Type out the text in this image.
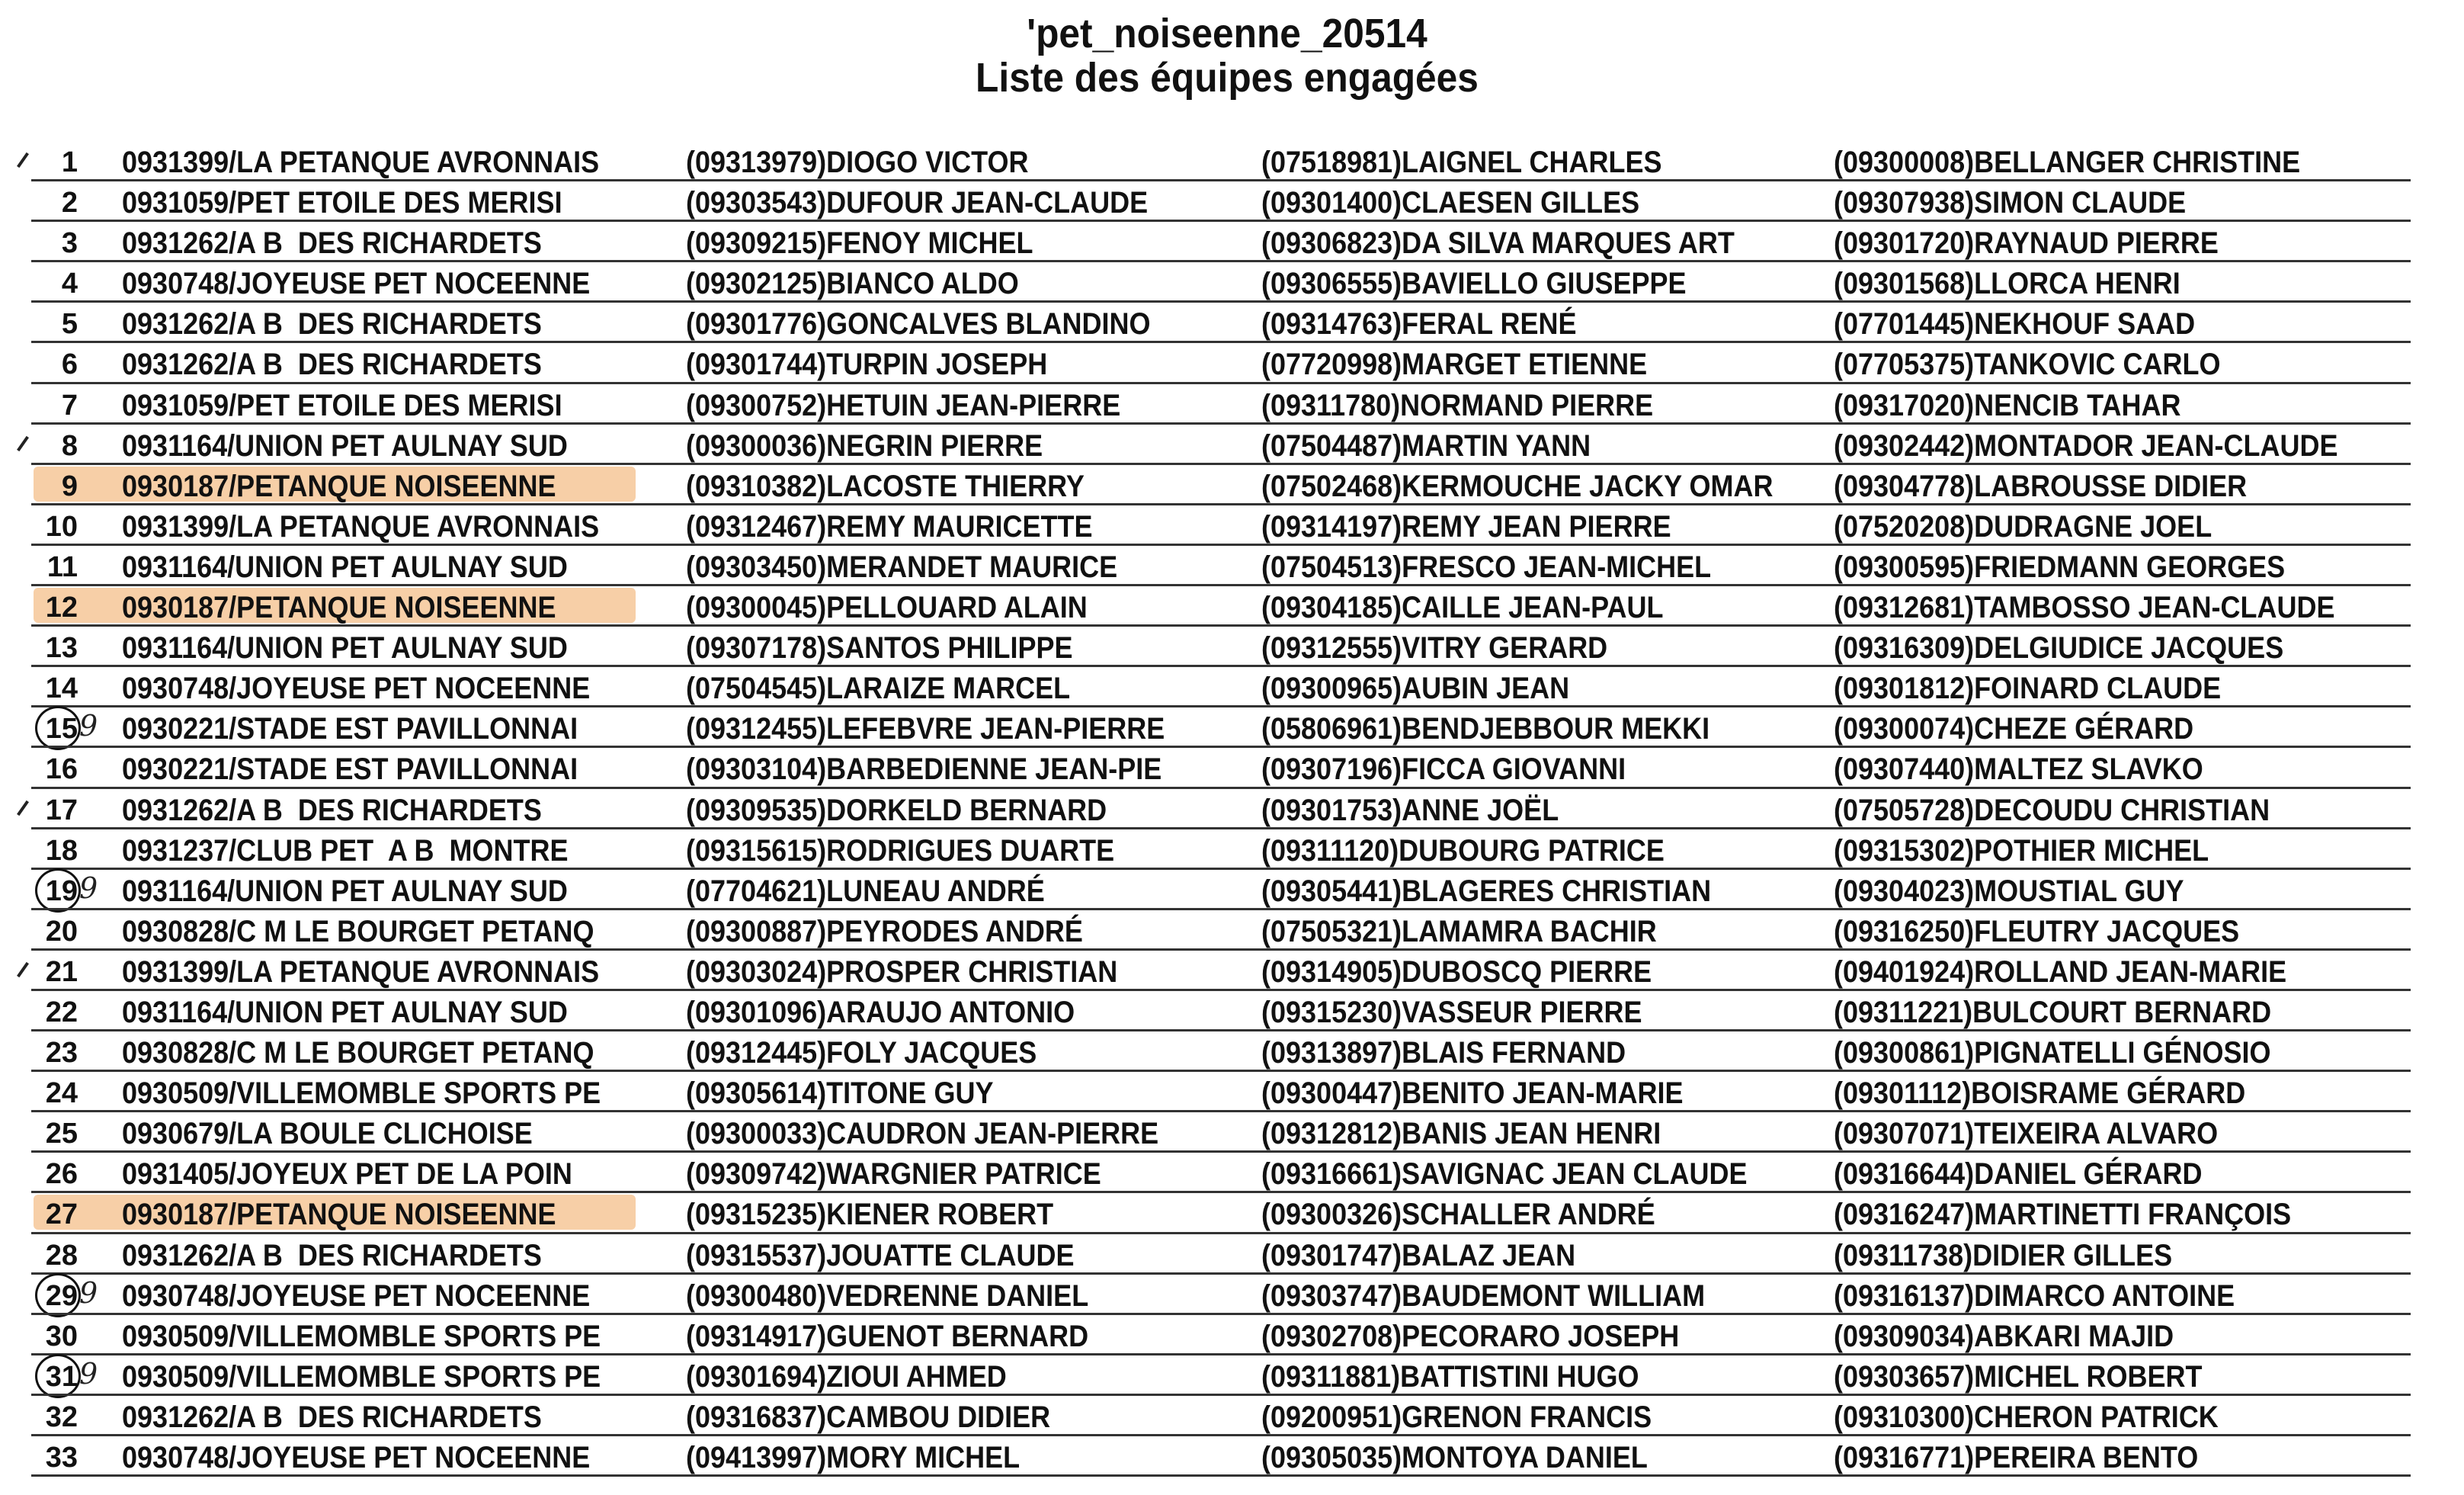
'pet_noiseenne_20514
Liste des équipes engagées
1 0931399/LA PETANQUE AVRONNAIS	(09313979)DIOGO VICTOR	(07518981)LAIGNEL CHARLES	(09300008)BELLANGER CHRISTINE
2 0931059/PET ETOILE DES MERISI	(09303543)DUFOUR JEAN-CLAUDE	(09301400)CLAESEN GILLES	(09307938)SIMON CLAUDE
3 0931262/A B  DES RICHARDETS	(09309215)FENOY MICHEL	(09306823)DA SILVA MARQUES ART	(09301720)RAYNAUD PIERRE
4 0930748/JOYEUSE PET NOCEENNE	(09302125)BIANCO ALDO	(09306555)BAVIELLO GIUSEPPE	(09301568)LLORCA HENRI
5 0931262/A B  DES RICHARDETS	(09301776)GONCALVES BLANDINO	(09314763)FERAL RENÉ	(07701445)NEKHOUF SAAD
6 0931262/A B  DES RICHARDETS	(09301744)TURPIN JOSEPH	(07720998)MARGET ETIENNE	(07705375)TANKOVIC CARLO
7 0931059/PET ETOILE DES MERISI	(09300752)HETUIN JEAN-PIERRE	(09311780)NORMAND PIERRE	(09317020)NENCIB TAHAR
8 0931164/UNION PET AULNAY SUD	(09300036)NEGRIN PIERRE	(07504487)MARTIN YANN	(09302442)MONTADOR JEAN-CLAUDE
9 0930187/PETANQUE NOISEENNE	(09310382)LACOSTE THIERRY	(07502468)KERMOUCHE JACKY OMAR (09304778)LABROUSSE DIDIER
10 0931399/LA PETANQUE AVRONNAIS	(09312467)REMY MAURICETTE	(09314197)REMY JEAN PIERRE	(07520208)DUDRAGNE JOEL
11 0931164/UNION PET AULNAY SUD	(09303450)MERANDET MAURICE	(07504513)FRESCO JEAN-MICHEL	(09300595)FRIEDMANN GEORGES
12 0930187/PETANQUE NOISEENNE	(09300045)PELLOUARD ALAIN	(09304185)CAILLE JEAN-PAUL	(09312681)TAMBOSSO JEAN-CLAUDE
13 0931164/UNION PET AULNAY SUD	(09307178)SANTOS PHILIPPE	(09312555)VITRY GERARD	(09316309)DELGIUDICE JACQUES
14 0930748/JOYEUSE PET NOCEENNE	(07504545)LARAIZE MARCEL	(09300965)AUBIN JEAN	(09301812)FOINARD CLAUDE
9
15 0930221/STADE EST PAVILLONNAI	(09312455)LEFEBVRE JEAN-PIERRE	(05806961)BENDJEBBOUR MEKKI	(09300074)CHEZE GÉRARD
16 0930221/STADE EST PAVILLONNAI	(09303104)BARBEDIENNE JEAN-PIE	(09307196)FICCA GIOVANNI	(09307440)MALTEZ SLAVKO
17 0931262/A B  DES RICHARDETS	(09309535)DORKELD BERNARD	(09301753)ANNE JOËL	(07505728)DECOUDU CHRISTIAN
18 0931237/CLUB PET  A B  MONTRE	(09315615)RODRIGUES DUARTE	(09311120)DUBOURG PATRICE	(09315302)POTHIER MICHEL
9
19 0931164/UNION PET AULNAY SUD	(07704621)LUNEAU ANDRÉ	(09305441)BLAGERES CHRISTIAN	(09304023)MOUSTIAL GUY
20 0930828/C M LE BOURGET PETANQ	(09300887)PEYRODES ANDRÉ	(07505321)LAMAMRA BACHIR	(09316250)FLEUTRY JACQUES
21 0931399/LA PETANQUE AVRONNAIS	(09303024)PROSPER CHRISTIAN	(09314905)DUBOSCQ PIERRE	(09401924)ROLLAND JEAN-MARIE
22 0931164/UNION PET AULNAY SUD	(09301096)ARAUJO ANTONIO	(09315230)VASSEUR PIERRE	(09311221)BULCOURT BERNARD
23 0930828/C M LE BOURGET PETANQ	(09312445)FOLY JACQUES	(09313897)BLAIS FERNAND	(09300861)PIGNATELLI GÉNOSIO
24 0930509/VILLEMOMBLE SPORTS PE	(09305614)TITONE GUY	(09300447)BENITO JEAN-MARIE	(09301112)BOISRAME GÉRARD
25 0930679/LA BOULE CLICHOISE	(09300033)CAUDRON JEAN-PIERRE	(09312812)BANIS JEAN HENRI	(09307071)TEIXEIRA ALVARO
26 0931405/JOYEUX PET DE LA POIN	(09309742)WARGNIER PATRICE	(09316661)SAVIGNAC JEAN CLAUDE	(09316644)DANIEL GÉRARD
27 0930187/PETANQUE NOISEENNE	(09315235)KIENER ROBERT	(09300326)SCHALLER ANDRÉ	(09316247)MARTINETTI FRANÇOIS
28 0931262/A B  DES RICHARDETS	(09315537)JOUATTE CLAUDE	(09301747)BALAZ JEAN	(09311738)DIDIER GILLES
9
29 0930748/JOYEUSE PET NOCEENNE	(09300480)VEDRENNE DANIEL	(09303747)BAUDEMONT WILLIAM	(09316137)DIMARCO ANTOINE
30 0930509/VILLEMOMBLE SPORTS PE	(09314917)GUENOT BERNARD	(09302708)PECORARO JOSEPH	(09309034)ABKARI MAJID
9
31 0930509/VILLEMOMBLE SPORTS PE	(09301694)ZIOUI AHMED	(09311881)BATTISTINI HUGO	(09303657)MICHEL ROBERT
32 0931262/A B  DES RICHARDETS	(09316837)CAMBOU DIDIER	(09200951)GRENON FRANCIS	(09310300)CHERON PATRICK
33 0930748/JOYEUSE PET NOCEENNE	(09413997)MORY MICHEL	(09305035)MONTOYA DANIEL	(09316771)PEREIRA BENTO
